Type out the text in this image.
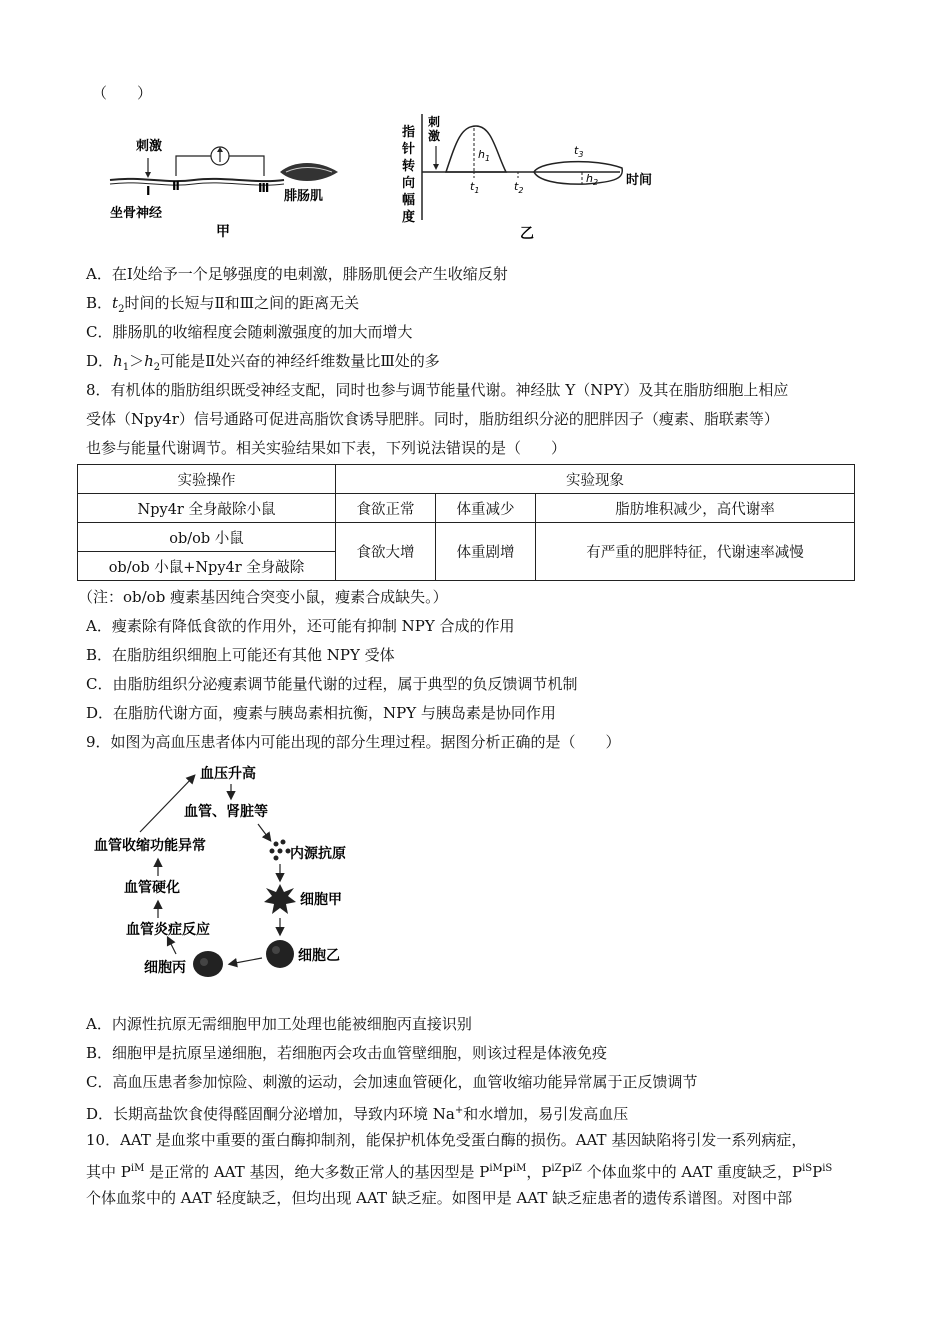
（　　）
刺激
Ⅰ Ⅱ	Ⅲ
腓肠肌
坐骨神经
甲
刺
激
指
针
转
向
幅
度
$h_1$
$h_2$
$t_1$	$t_2$
$t_3$
时间
乙
A．在Ⅰ处给予一个足够强度的电刺激，腓肠肌便会产生收缩反射
B．$t_2$时间的长短与Ⅱ和Ⅲ之间的距离无关
C．腓肠肌的收缩程度会随刺激强度的加大而增大
D．$h_1>h_2$可能是Ⅱ处兴奋的神经纤维数量比Ⅲ处的多
8．有机体的脂肪组织既受神经支配，同时也参与调节能量代谢。神经肽 Y（NPY）及其在脂肪细胞上相应
受体（Npy4r）信号通路可促进高脂饮食诱导肥胖。同时，脂肪组织分泌的肥胖因子（瘦素、脂联素等）
也参与能量代谢调节。相关实验结果如下表，下列说法错误的是（　　）
实验操作	实验现象		
Npy4r 全身敲除小鼠	食欲正常	体重减少	脂肪堆积减少，高代谢率
ob/ob 小鼠	食欲大增	体重剧增	有严重的肥胖特征，代谢速率减慢
ob/ob 小鼠+Npy4r 全身敲除			
（注：ob/ob 瘦素基因纯合突变小鼠，瘦素合成缺失。）
A．瘦素除有降低食欲的作用外，还可能有抑制 NPY 合成的作用
B．在脂肪组织细胞上可能还有其他 NPY 受体
C．由脂肪组织分泌瘦素调节能量代谢的过程，属于典型的负反馈调节机制
D．在脂肪代谢方面，瘦素与胰岛素相抗衡，NPY 与胰岛素是协同作用
9．如图为高血压患者体内可能出现的部分生理过程。据图分析正确的是（　　）
血压升高
血管、肾脏等
内源抗原
细胞甲
细胞乙
细胞丙
血管炎症反应
血管硬化
血管收缩功能异常
A．内源性抗原无需细胞甲加工处理也能被细胞丙直接识别
B．细胞甲是抗原呈递细胞，若细胞丙会攻击血管壁细胞，则该过程是体液免疫
C．高血压患者参加惊险、刺激的运动，会加速血管硬化，血管收缩功能异常属于正反馈调节
D．长期高盐饮食使得醛固酮分泌增加，导致内环境 Na+和水增加，易引发高血压
10．AAT 是血浆中重要的蛋白酶抑制剂，能保护机体免受蛋白酶的损伤。AAT 基因缺陷将引发一系列病症，
其中 $P^{iM}$ 是正常的 AAT 基因，绝大多数正常人的基因型是 $P^{iM}P^{iM}$，$P^{iZ}P^{iZ}$ 个体血浆中的 AAT 重度缺乏，$P^{iS}P^{iS}$
个体血浆中的 AAT 轻度缺乏，但均出现 AAT 缺乏症。如图甲是 AAT 缺乏症患者的遗传系谱图。对图中部
